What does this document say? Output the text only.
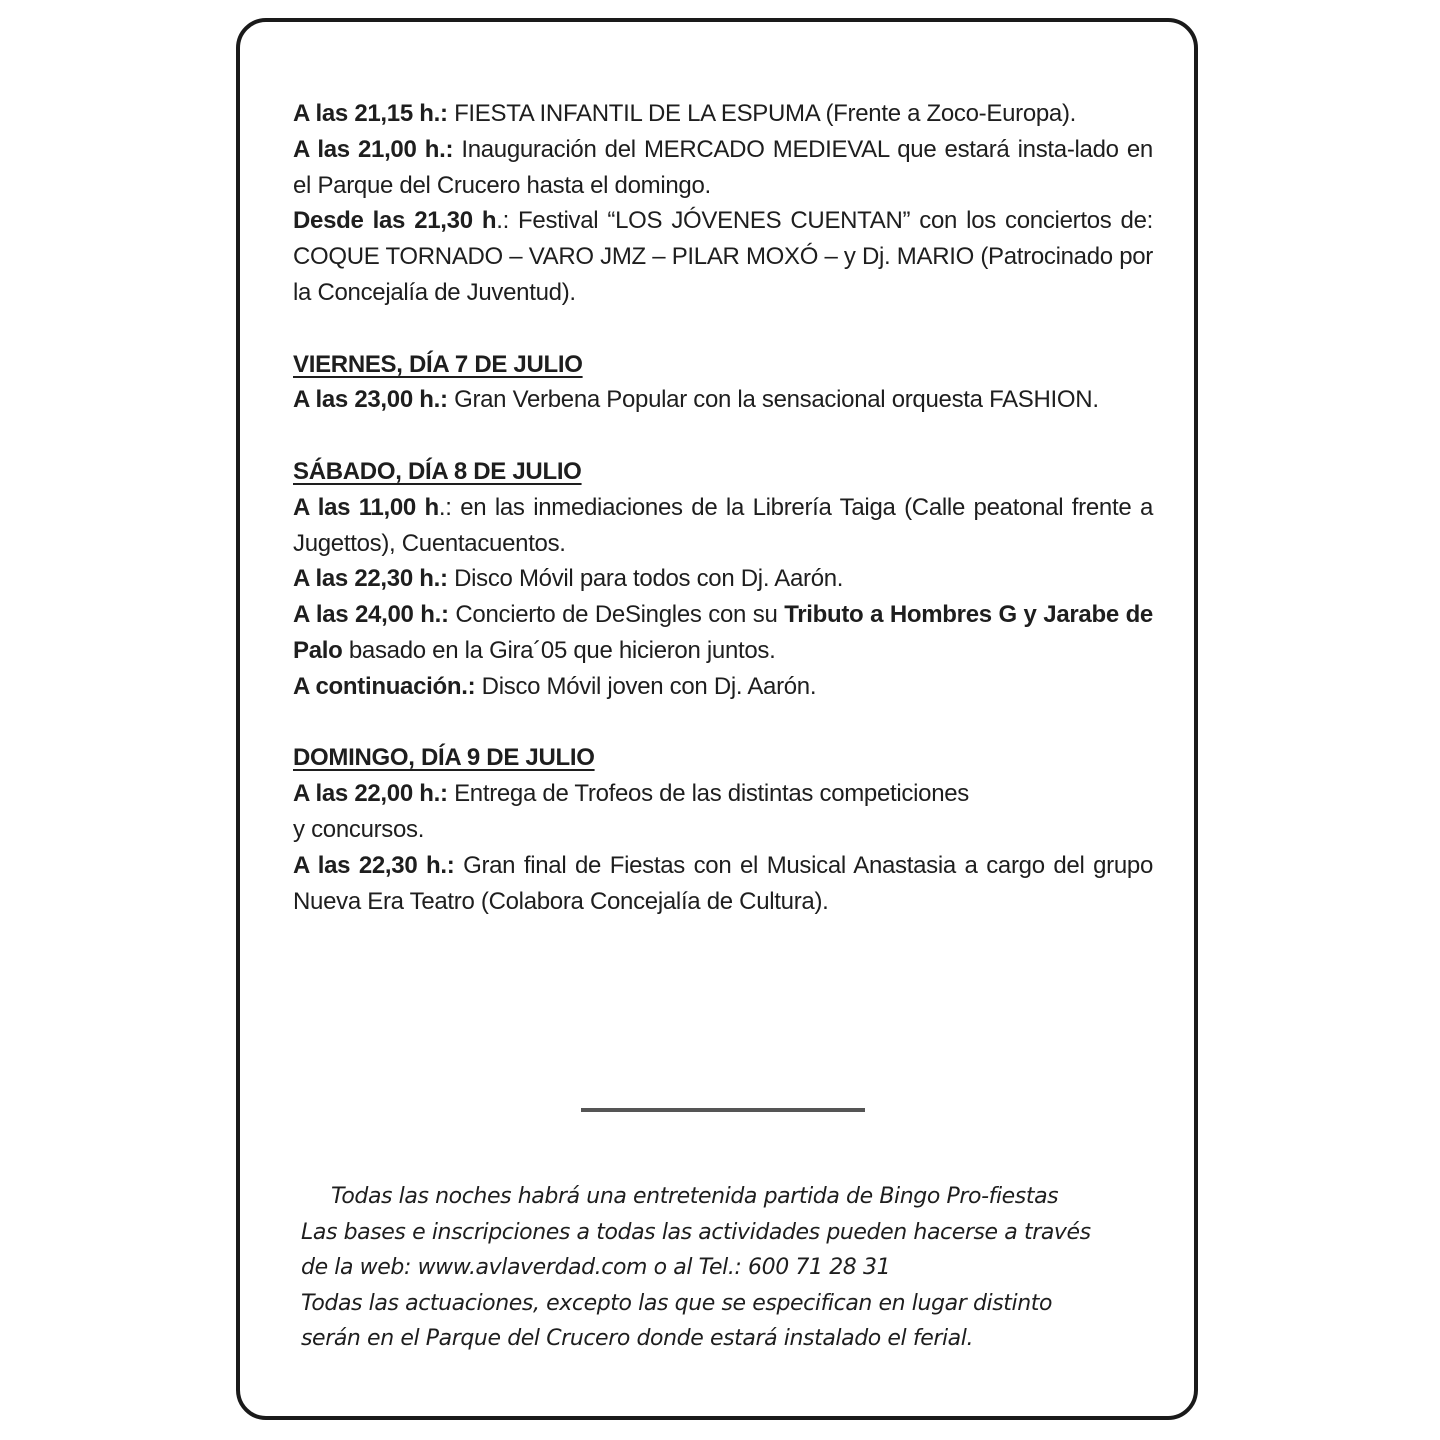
A las 21,15 h.: FIESTA INFANTIL DE LA ESPUMA (Frente a Zoco-Europa).

A las 21,00 h.: Inauguración del MERCADO MEDIEVAL que estará insta-lado en el Parque del Crucero hasta el domingo.

Desde las 21,30 h.: Festival “LOS JÓVENES CUENTAN” con los conciertos de: COQUE TORNADO – VARO JMZ – PILAR MOXÓ – y Dj. MARIO (Patrocinado por la Concejalía de Juventud).

VIERNES, DÍA 7 DE JULIO

A las 23,00 h.: Gran Verbena Popular con la sensacional orquesta FASHION.

SÁBADO, DÍA 8 DE JULIO

A las 11,00 h.: en las inmediaciones de la Librería Taiga (Calle peatonal frente a Jugettos), Cuentacuentos.

A las 22,30 h.: Disco Móvil para todos con Dj. Aarón.

A las 24,00 h.: Concierto de DeSingles con su Tributo a Hombres G y Jarabe de Palo basado en la Gira´05 que hicieron juntos.

A continuación.: Disco Móvil joven con Dj. Aarón.

DOMINGO, DÍA 9 DE JULIO

A las 22,00 h.: Entrega de Trofeos de las distintas competiciones
y concursos.

A las 22,30 h.: Gran final de Fiestas con el Musical Anastasia a cargo del grupo Nueva Era Teatro (Colabora Concejalía de Cultura).

Todas las noches habrá una entretenida partida de Bingo Pro-fiestas

Las bases e inscripciones a todas las actividades pueden hacerse a través

de la web: www.avlaverdad.com o al Tel.: 600 71 28 31

Todas las actuaciones, excepto las que se especifican en lugar distinto

serán en el Parque del Crucero donde estará instalado el ferial.
